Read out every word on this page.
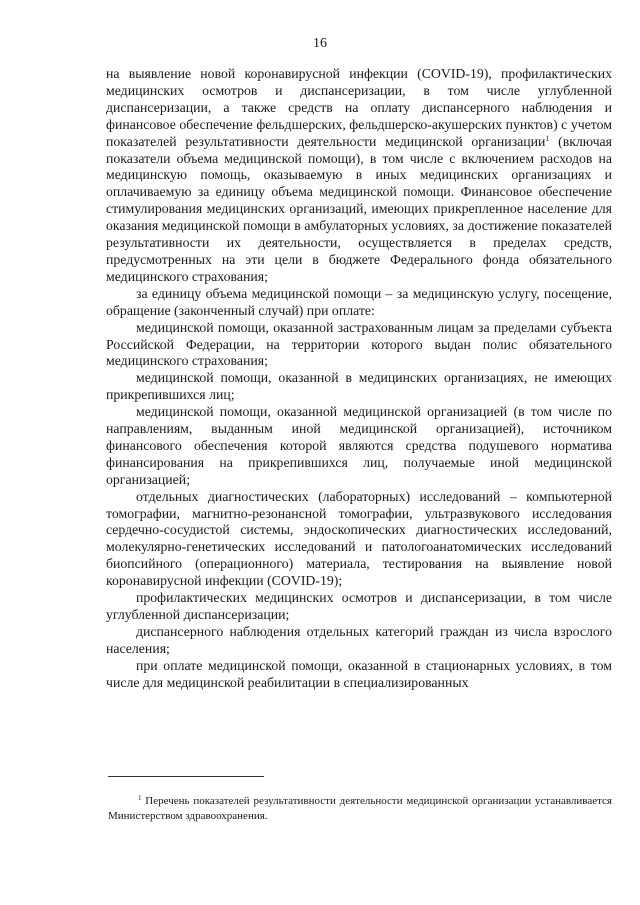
16

на выявление новой коронавирусной инфекции (COVID-19), профилактических медицинских осмотров и диспансеризации, в том числе углубленной диспансеризации, а также средств на оплату диспансерного наблюдения и финансовое обеспечение фельдшерских, фельдшерско-акушерских пунктов) с учетом показателей результативности деятельности медицинской организации$^1$ (включая показатели объема медицинской помощи), в том числе с включением расходов на медицинскую помощь, оказываемую в иных медицинских организациях и оплачиваемую за единицу объема медицинской помощи. Финансовое обеспечение стимулирования медицинских организаций, имеющих прикрепленное население для оказания медицинской помощи в амбулаторных условиях, за достижение показателей результативности их деятельности, осуществляется в пределах средств, предусмотренных на эти цели в бюджете Федерального фонда обязательного медицинского страхования;

за единицу объема медицинской помощи – за медицинскую услугу, посещение, обращение (законченный случай) при оплате:

медицинской помощи, оказанной застрахованным лицам за пределами субъекта Российской Федерации, на территории которого выдан полис обязательного медицинского страхования;

медицинской помощи, оказанной в медицинских организациях, не имеющих прикрепившихся лиц;

медицинской помощи, оказанной медицинской организацией (в том числе по направлениям, выданным иной медицинской организацией), источником финансового обеспечения которой являются средства подушевого норматива финансирования на прикрепившихся лиц, получаемые иной медицинской организацией;

отдельных диагностических (лабораторных) исследований – компьютерной томографии, магнитно-резонансной томографии, ультразвукового исследования сердечно-сосудистой системы, эндоскопических диагностических исследований, молекулярно-генетических исследований и патологоанатомических исследований биопсийного (операционного) материала, тестирования на выявление новой коронавирусной инфекции (COVID-19);

профилактических медицинских осмотров и диспансеризации, в том числе углубленной диспансеризации;

диспансерного наблюдения отдельных категорий граждан из числа взрослого населения;

при оплате медицинской помощи, оказанной в стационарных условиях, в том числе для медицинской реабилитации в специализированных

$^1$ Перечень показателей результативности деятельности медицинской организации устанавливается Министерством здравоохранения.
